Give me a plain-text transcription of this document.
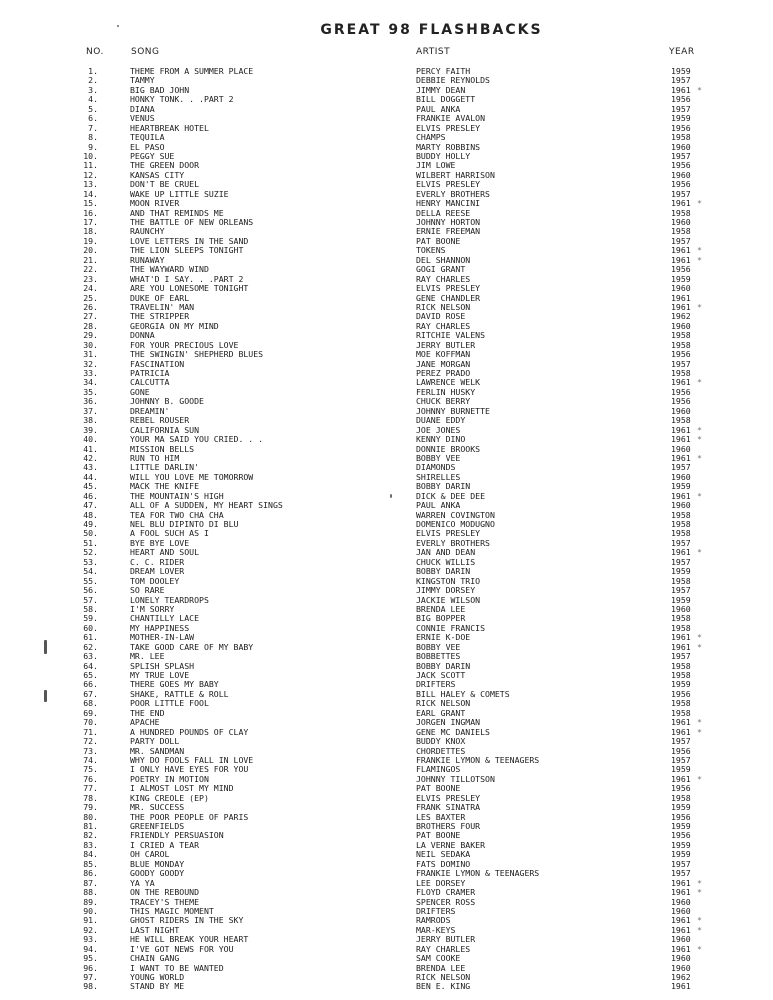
GREAT 98 FLASHBACKS
NO.	SONG	ARTIST	YEAR
1.	THEME FROM A SUMMER PLACE	PERCY FAITH	1959
2.	TAMMY	DEBBIE REYNOLDS	1957
3.	BIG BAD JOHN	JIMMY DEAN	1961 *
4.	HONKY TONK. . .PART 2	BILL DOGGETT	1956
5.	DIANA	PAUL ANKA	1957
6.	VENUS	FRANKIE AVALON	1959
7.	HEARTBREAK HOTEL	ELVIS PRESLEY	1956
8.	TEQUILA	CHAMPS	1958
9.	EL PASO	MARTY ROBBINS	1960
10.	PEGGY SUE	BUDDY HOLLY	1957
11.	THE GREEN DOOR	JIM LOWE	1956
12.	KANSAS CITY	WILBERT HARRISON	1960
13.	DON'T BE CRUEL	ELVIS PRESLEY	1956
14.	WAKE UP LITTLE SUZIE	EVERLY BROTHERS	1957
15.	MOON RIVER	HENRY MANCINI	1961 *
16.	AND THAT REMINDS ME	DELLA REESE	1958
17.	THE BATTLE OF NEW ORLEANS	JOHNNY HORTON	1960
18.	RAUNCHY	ERNIE FREEMAN	1958
19.	LOVE LETTERS IN THE SAND	PAT BOONE	1957
20.	THE LION SLEEPS TONIGHT	TOKENS	1961 *
21.	RUNAWAY	DEL SHANNON	1961 *
22.	THE WAYWARD WIND	GOGI GRANT	1956
23.	WHAT'D I SAY. . .PART 2	RAY CHARLES	1959
24.	ARE YOU LONESOME TONIGHT	ELVIS PRESLEY	1960
25.	DUKE OF EARL	GENE CHANDLER	1961
26.	TRAVELIN' MAN	RICK NELSON	1961 *
27.	THE STRIPPER	DAVID ROSE	1962
28.	GEORGIA ON MY MIND	RAY CHARLES	1960
29.	DONNA	RITCHIE VALENS	1958
30.	FOR YOUR PRECIOUS LOVE	JERRY BUTLER	1958
31.	THE SWINGIN' SHEPHERD BLUES	MOE KOFFMAN	1956
32.	FASCINATION	JANE MORGAN	1957
33.	PATRICIA	PEREZ PRADO	1958
34.	CALCUTTA	LAWRENCE WELK	1961 *
35.	GONE	FERLIN HUSKY	1956
36.	JOHNNY B. GOODE	CHUCK BERRY	1956
37.	DREAMIN'	JOHNNY BURNETTE	1960
38.	REBEL ROUSER	DUANE EDDY	1958
39.	CALIFORNIA SUN	JOE JONES	1961 *
40.	YOUR MA SAID YOU CRIED. . .	KENNY DINO	1961 *
41.	MISSION BELLS	DONNIE BROOKS	1960
42.	RUN TO HIM	BOBBY VEE	1961 *
43.	LITTLE DARLIN'	DIAMONDS	1957
44.	WILL YOU LOVE ME TOMORROW	SHIRELLES	1960
45.	MACK THE KNIFE	BOBBY DARIN	1959
46.	THE MOUNTAIN'S HIGH	DICK & DEE DEE	1961 *
47.	ALL OF A SUDDEN, MY HEART SINGS	PAUL ANKA	1960
48.	TEA FOR TWO CHA CHA	WARREN COVINGTON	1958
49.	NEL BLU DIPINTO DI BLU	DOMENICO MODUGNO	1958
50.	A FOOL SUCH AS I	ELVIS PRESLEY	1958
51.	BYE BYE LOVE	EVERLY BROTHERS	1957
52.	HEART AND SOUL	JAN AND DEAN	1961 *
53.	C. C. RIDER	CHUCK WILLIS	1957
54.	DREAM LOVER	BOBBY DARIN	1959
55.	TOM DOOLEY	KINGSTON TRIO	1958
56.	SO RARE	JIMMY DORSEY	1957
57.	LONELY TEARDROPS	JACKIE WILSON	1959
58.	I'M SORRY	BRENDA LEE	1960
59.	CHANTILLY LACE	BIG BOPPER	1958
60.	MY HAPPINESS	CONNIE FRANCIS	1958
61.	MOTHER-IN-LAW	ERNIE K-DOE	1961 *
62.	TAKE GOOD CARE OF MY BABY	BOBBY VEE	1961 *
63.	MR. LEE	BOBBETTES	1957
64.	SPLISH SPLASH	BOBBY DARIN	1958
65.	MY TRUE LOVE	JACK SCOTT	1958
66.	THERE GOES MY BABY	DRIFTERS	1959
67.	SHAKE, RATTLE & ROLL	BILL HALEY & COMETS	1956
68.	POOR LITTLE FOOL	RICK NELSON	1958
69.	THE END	EARL GRANT	1958
70.	APACHE	JORGEN INGMAN	1961 *
71.	A HUNDRED POUNDS OF CLAY	GENE MC DANIELS	1961 *
72.	PARTY DOLL	BUDDY KNOX	1957
73.	MR. SANDMAN	CHORDETTES	1956
74.	WHY DO FOOLS FALL IN LOVE	FRANKIE LYMON & TEENAGERS	1957
75.	I ONLY HAVE EYES FOR YOU	FLAMINGOS	1959
76.	POETRY IN MOTION	JOHNNY TILLOTSON	1961 *
77.	I ALMOST LOST MY MIND	PAT BOONE	1956
78.	KING CREOLE (EP)	ELVIS PRESLEY	1958
79.	MR. SUCCESS	FRANK SINATRA	1959
80.	THE POOR PEOPLE OF PARIS	LES BAXTER	1956
81.	GREENFIELDS	BROTHERS FOUR	1959
82.	FRIENDLY PERSUASION	PAT BOONE	1956
83.	I CRIED A TEAR	LA VERNE BAKER	1959
84.	OH CAROL	NEIL SEDAKA	1959
85.	BLUE MONDAY	FATS DOMINO	1957
86.	GOODY GOODY	FRANKIE LYMON & TEENAGERS	1957
87.	YA YA	LEE DORSEY	1961 *
88.	ON THE REBOUND	FLOYD CRAMER	1961 *
89.	TRACEY'S THEME	SPENCER ROSS	1960
90.	THIS MAGIC MOMENT	DRIFTERS	1960
91.	GHOST RIDERS IN THE SKY	RAMRODS	1961 *
92.	LAST NIGHT	MAR-KEYS	1961 *
93.	HE WILL BREAK YOUR HEART	JERRY BUTLER	1960
94.	I'VE GOT NEWS FOR YOU	RAY CHARLES	1961 *
95.	CHAIN GANG	SAM COOKE	1960
96.	I WANT TO BE WANTED	BRENDA LEE	1960
97.	YOUNG WORLD	RICK NELSON	1962
98.	STAND BY ME	BEN E. KING	1961
